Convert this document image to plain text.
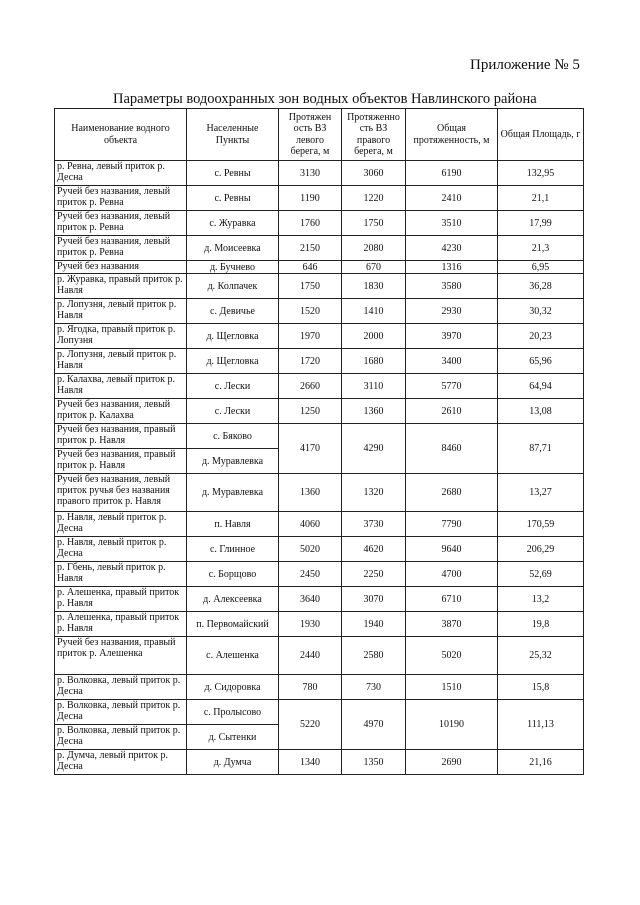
Приложение № 5
Параметры водоохранных зон водных объектов Навлинского района
Наименование водного объекта	Населенные Пункты	Протяжен ость ВЗ левого берега, м	Протяженно сть ВЗ правого берега, м	Общая протяженность, м	Общая Площадь, г
р. Ревна, левый приток р. Десна	с. Ревны	3130	3060	6190	132,95
Ручей без названия, левый приток р. Ревна	с. Ревны	1190	1220	2410	21,1
Ручей без названия, левый приток р. Ревна	с. Журавка	1760	1750	3510	17,99
Ручей без названия, левый приток р. Ревна	д. Моисеевка	2150	2080	4230	21,3
Ручей без названия	д. Бучнево	646	670	1316	6,95
р. Журавка, правый приток р. Навля	д. Колпачек	1750	1830	3580	36,28
р. Лопузня, левый приток р. Навля	с. Девичье	1520	1410	2930	30,32
р. Ягодка, правый приток р. Лопузня	д. Щегловка	1970	2000	3970	20,23
р. Лопузня, левый приток р. Навля	д. Щегловка	1720	1680	3400	65,96
р. Калахва, левый приток р. Навля	с. Лески	2660	3110	5770	64,94
Ручей без названия, левый приток р. Калахва	с. Лески	1250	1360	2610	13,08
Ручей без названия, правый приток р. Навля	с. Бяково	4170	4290	8460	87,71
Ручей без названия, правый приток р. Навля	д. Муравлевка				
Ручей без названия, левый приток ручья без названия правого приток р. Навля	д. Муравлевка	1360	1320	2680	13,27
р. Навля, левый приток р. Десна	п. Навля	4060	3730	7790	170,59
р. Навля, левый приток р. Десна	с. Глинное	5020	4620	9640	206,29
р. Гбень, левый приток р. Навля	с. Борщово	2450	2250	4700	52,69
р. Алешенка, правый приток р. Навля	д. Алексеевка	3640	3070	6710	13,2
р. Алешенка, правый приток р. Навля	п. Первомайский	1930	1940	3870	19,8
Ручей без названия, правый приток р. Алешенка	с. Алешенка	2440	2580	5020	25,32
р. Волковка, левый приток р. Десна	д. Сидоровка	780	730	1510	15,8
р. Волковка, левый приток р. Десна	с. Пролысово	5220	4970	10190	111,13
р. Волковка, левый приток р. Десна	д. Сытенки				
р. Думча, левый приток р. Десна	д. Думча	1340	1350	2690	21,16
